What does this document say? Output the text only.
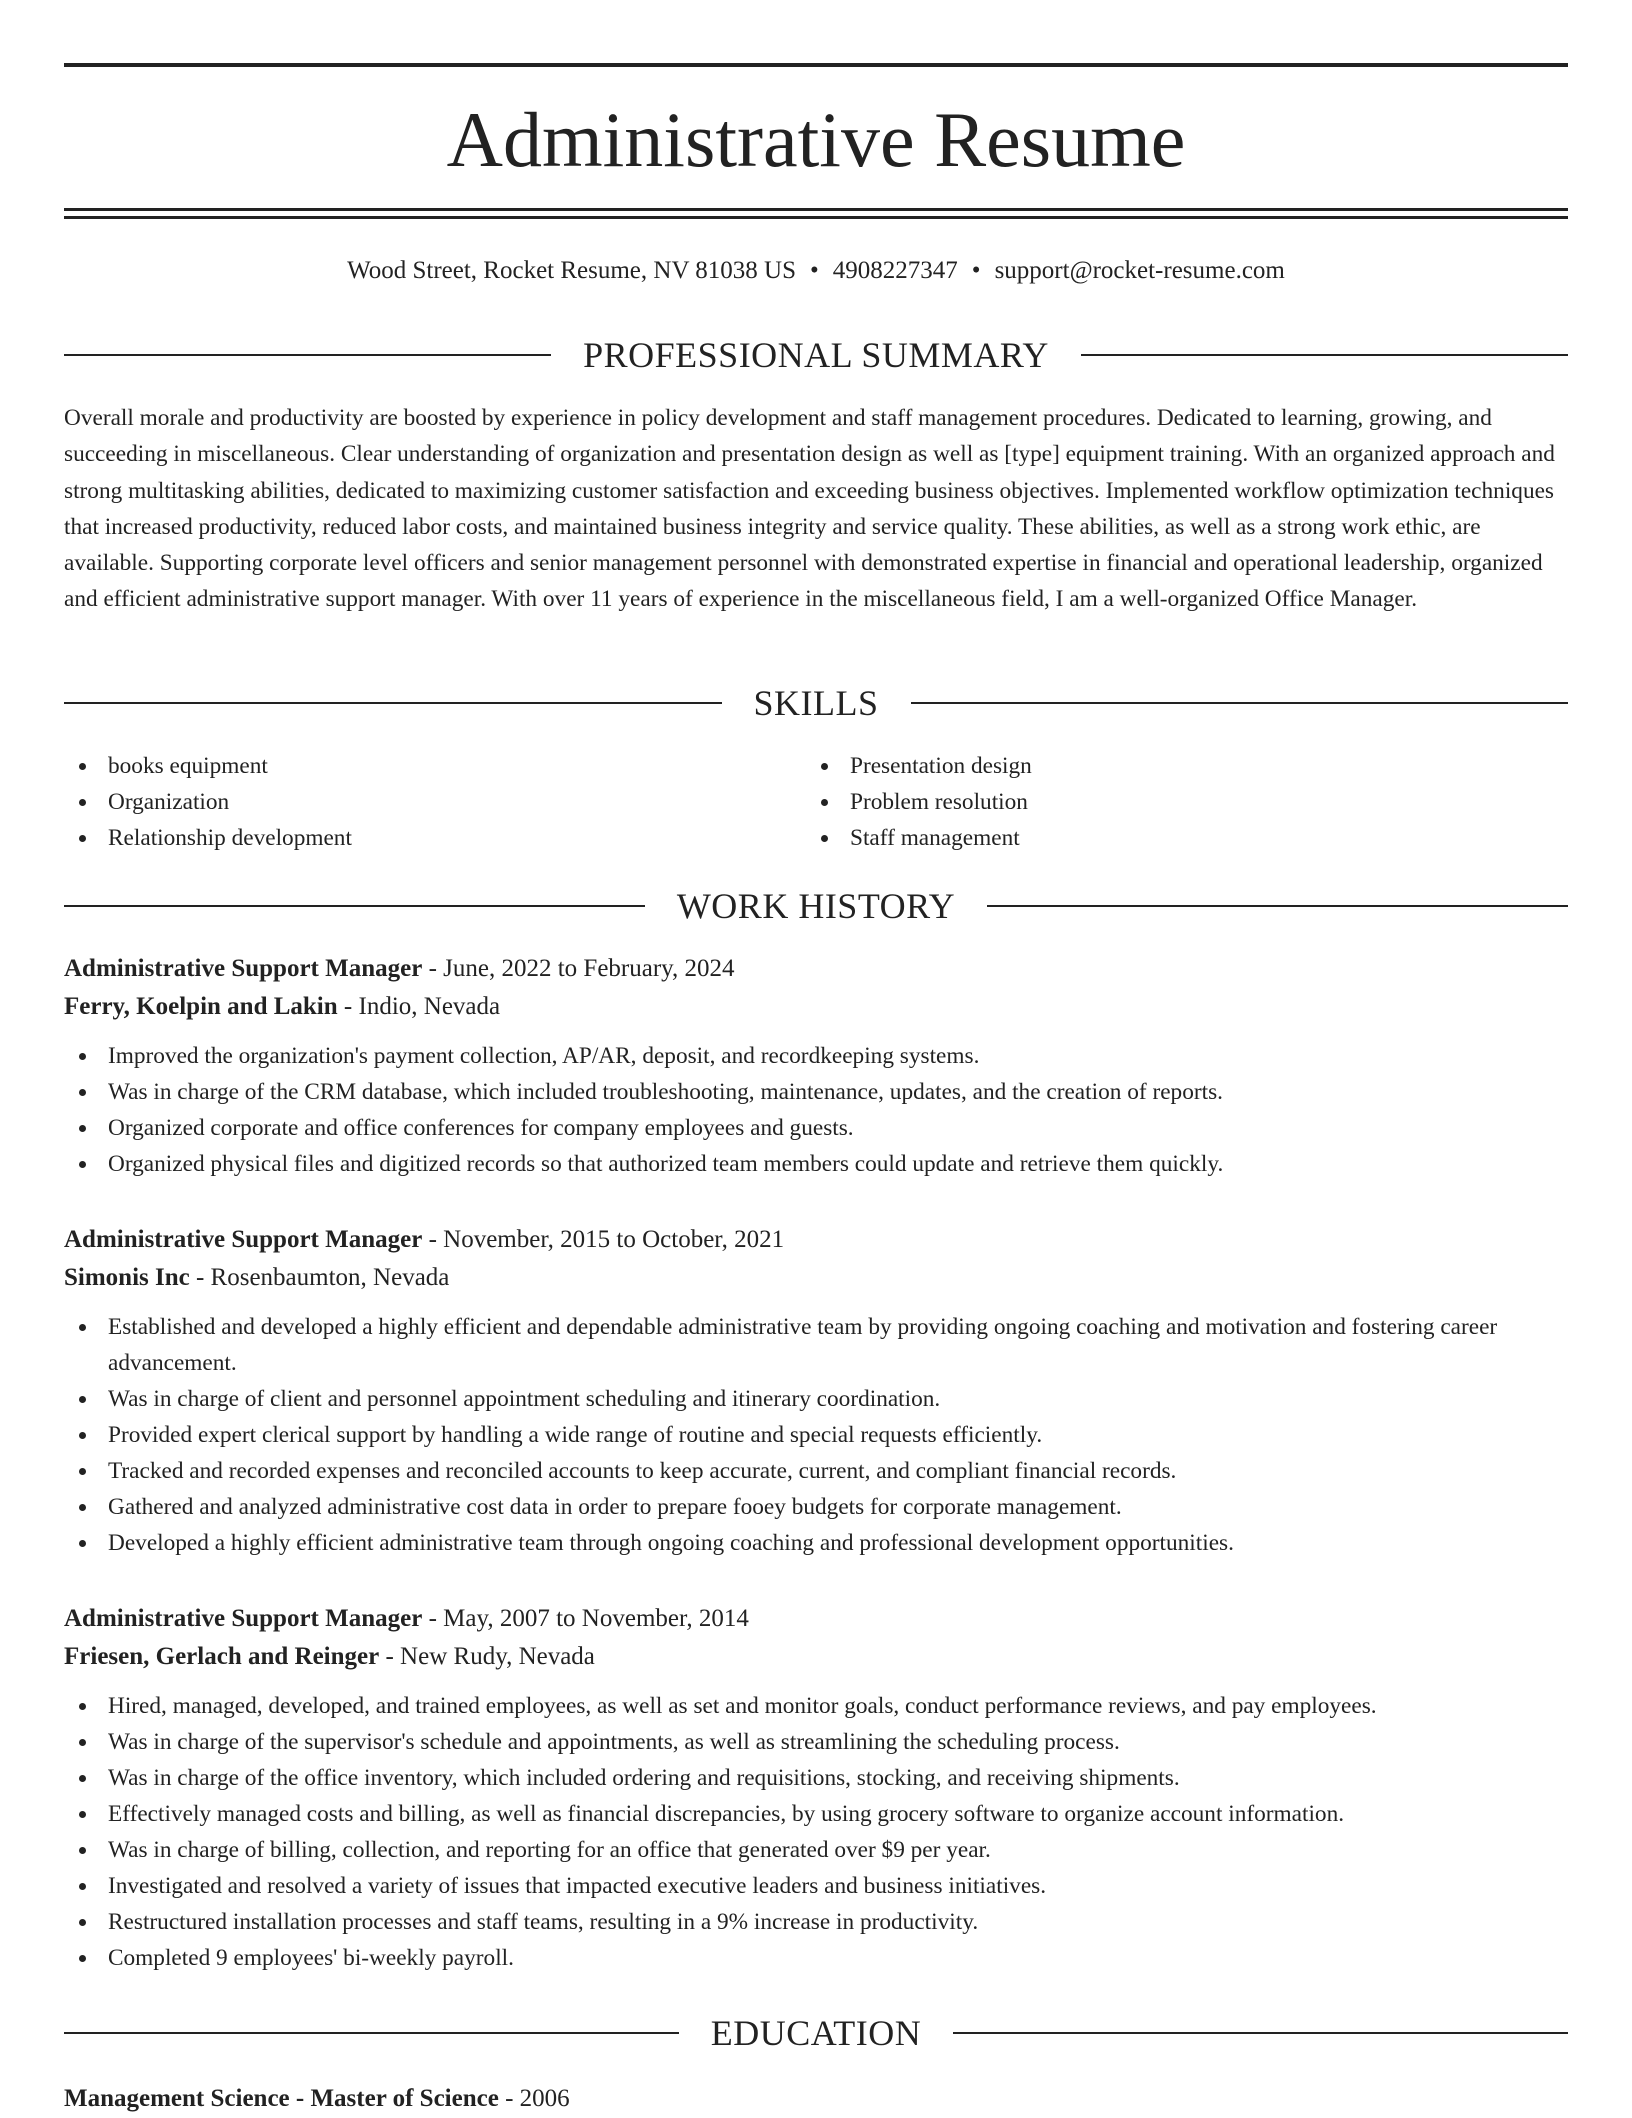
Administrative Resume
Wood Street, Rocket Resume, NV 81038 US • 4908227347 • support@rocket-resume.com
PROFESSIONAL SUMMARY

Overall morale and productivity are boosted by experience in policy development and staff management procedures. Dedicated to learning, growing, and succeeding in miscellaneous. Clear understanding of organization and presentation design as well as [type] equipment training. With an organized approach and strong multitasking abilities, dedicated to maximizing customer satisfaction and exceeding business objectives. Implemented workflow optimization techniques that increased productivity, reduced labor costs, and maintained business integrity and service quality. These abilities, as well as a strong work ethic, are available. Supporting corporate level officers and senior management personnel with demonstrated expertise in financial and operational leadership, organized and efficient administrative support manager. With over 11 years of experience in the miscellaneous field, I am a well-organized Office Manager.

SKILLS
books equipment
Organization
Relationship development
Presentation design
Problem resolution
Staff management
WORK HISTORY
Administrative Support Manager - June, 2022 to February, 2024
Ferry, Koelpin and Lakin - Indio, Nevada
Improved the organization's payment collection, AP/AR, deposit, and recordkeeping systems.
Was in charge of the CRM database, which included troubleshooting, maintenance, updates, and the creation of reports.
Organized corporate and office conferences for company employees and guests.
Organized physical files and digitized records so that authorized team members could update and retrieve them quickly.
Administrative Support Manager - November, 2015 to October, 2021
Simonis Inc - Rosenbaumton, Nevada
Established and developed a highly efficient and dependable administrative team by providing ongoing coaching and motivation and fostering career advancement.
Was in charge of client and personnel appointment scheduling and itinerary coordination.
Provided expert clerical support by handling a wide range of routine and special requests efficiently.
Tracked and recorded expenses and reconciled accounts to keep accurate, current, and compliant financial records.
Gathered and analyzed administrative cost data in order to prepare fooey budgets for corporate management.
Developed a highly efficient administrative team through ongoing coaching and professional development opportunities.
Administrative Support Manager - May, 2007 to November, 2014
Friesen, Gerlach and Reinger - New Rudy, Nevada
Hired, managed, developed, and trained employees, as well as set and monitor goals, conduct performance reviews, and pay employees.
Was in charge of the supervisor's schedule and appointments, as well as streamlining the scheduling process.
Was in charge of the office inventory, which included ordering and requisitions, stocking, and receiving shipments.
Effectively managed costs and billing, as well as financial discrepancies, by using grocery software to organize account information.
Was in charge of billing, collection, and reporting for an office that generated over $9 per year.
Investigated and resolved a variety of issues that impacted executive leaders and business initiatives.
Restructured installation processes and staff teams, resulting in a 9% increase in productivity.
Completed 9 employees' bi-weekly payroll.
EDUCATION
Management Science - Master of Science - 2006
